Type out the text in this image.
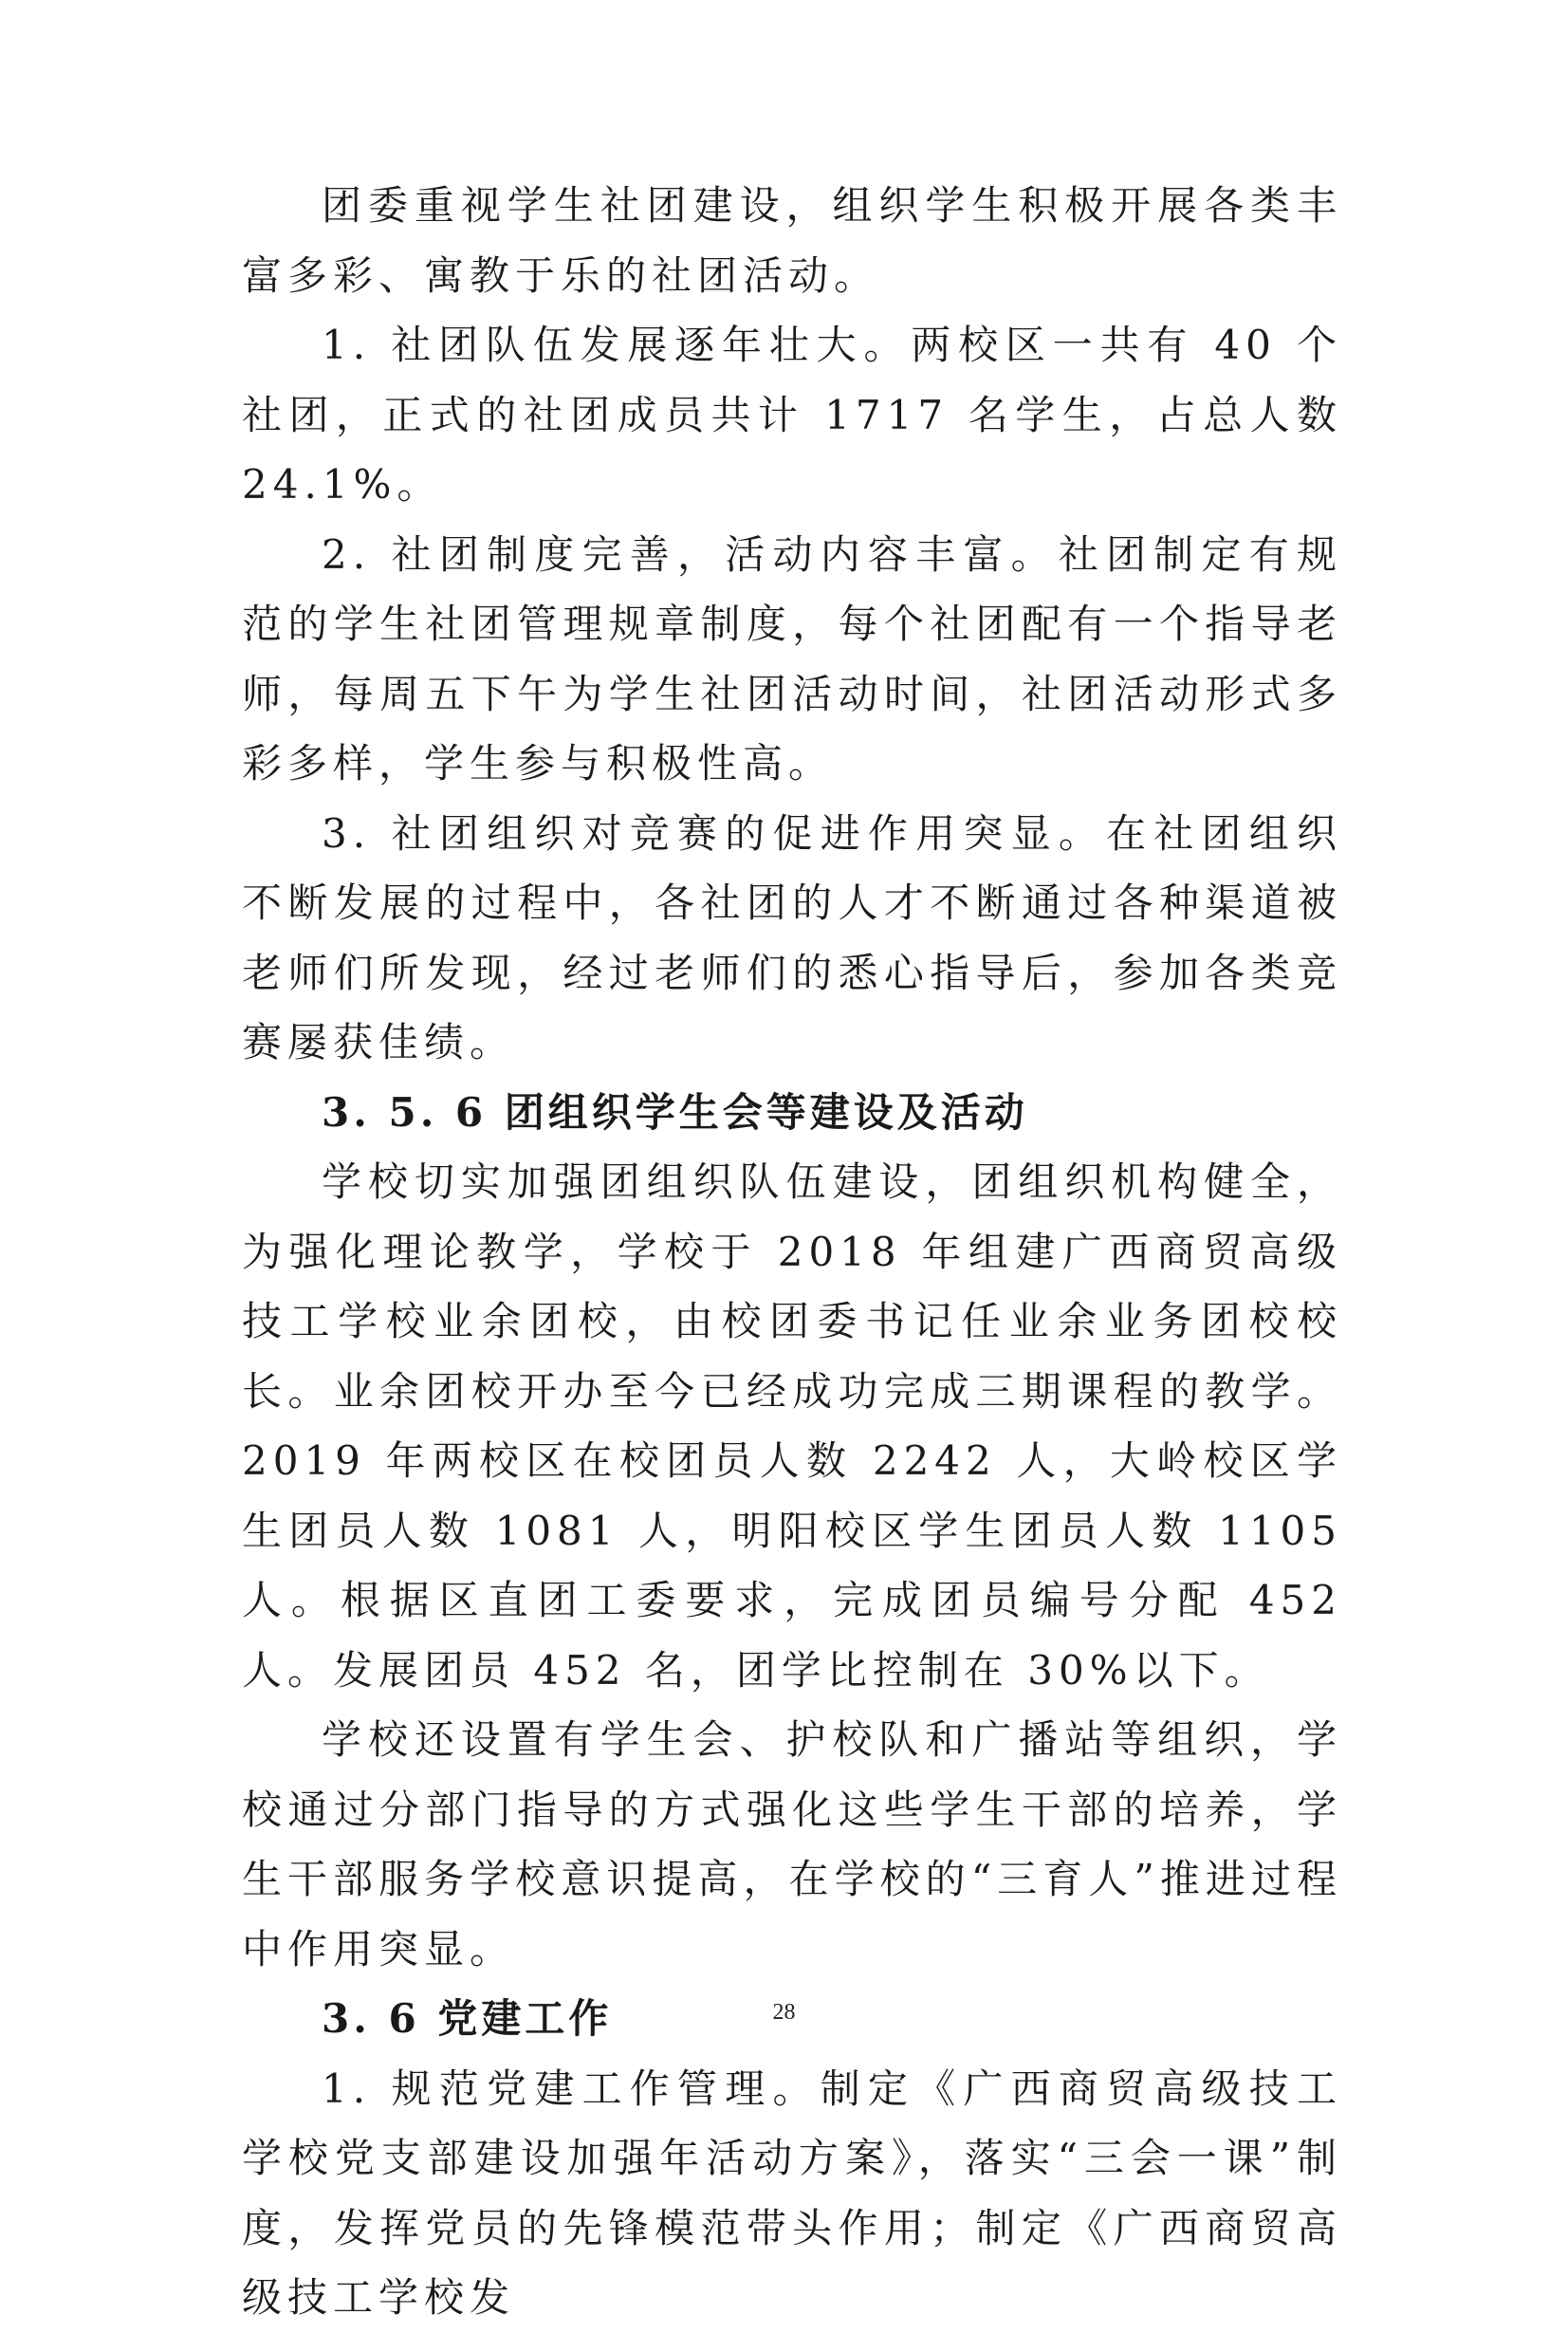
团委重视学生社团建设，组织学生积极开展各类丰富多彩、寓教于乐的社团活动。

1. 社团队伍发展逐年壮大。两校区一共有 40 个社团，正式的社团成员共计 1717 名学生，占总人数 24.1%。

2. 社团制度完善，活动内容丰富。社团制定有规范的学生社团管理规章制度，每个社团配有一个指导老师，每周五下午为学生社团活动时间，社团活动形式多彩多样，学生参与积极性高。

3. 社团组织对竞赛的促进作用突显。在社团组织不断发展的过程中，各社团的人才不断通过各种渠道被老师们所发现，经过老师们的悉心指导后，参加各类竞赛屡获佳绩。

3. 5. 6 团组织学生会等建设及活动

学校切实加强团组织队伍建设，团组织机构健全，为强化理论教学，学校于 2018 年组建广西商贸高级技工学校业余团校，由校团委书记任业余业务团校校长。业余团校开办至今已经成功完成三期课程的教学。2019 年两校区在校团员人数 2242 人，大岭校区学生团员人数 1081 人，明阳校区学生团员人数 1105 人。根据区直团工委要求，完成团员编号分配 452 人。发展团员 452 名，团学比控制在 30%以下。

学校还设置有学生会、护校队和广播站等组织，学校通过分部门指导的方式强化这些学生干部的培养，学生干部服务学校意识提高，在学校的“三育人”推进过程中作用突显。

3. 6 党建工作

1. 规范党建工作管理。制定《广西商贸高级技工学校党支部建设加强年活动方案》，落实“三会一课”制度，发挥党员的先锋模范带头作用；制定《广西商贸高级技工学校发

28
